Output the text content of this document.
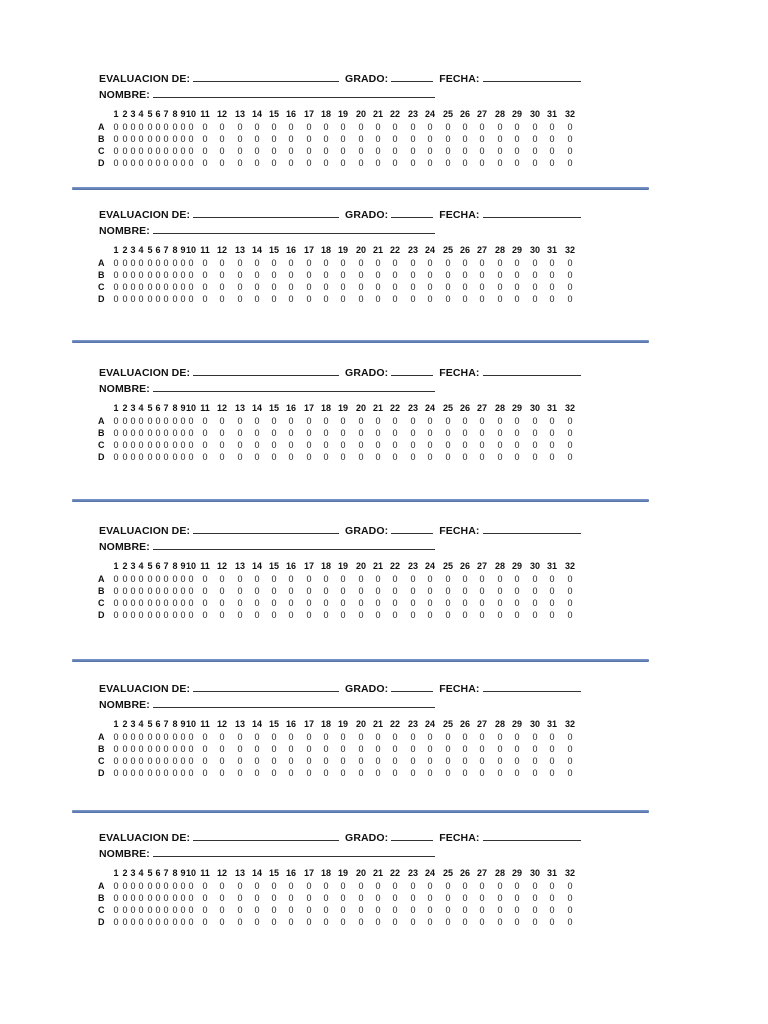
EVALUACION DE:	GRADO:	FECHA:
NOMBRE:
1 2 3 4 5 6 7 8 9 10 11 12 13 14 15 16 17 18 19 20 21 22 23 24 25 26 27 28 29 30 31 32
A 0 0 0 0 0 0 0 0 0 0 0	0	0	0	0	0	0	0	0	0	0	0	0	0	0	0	0	0	0	0	0	0
B 0 0 0 0 0 0 0 0 0 0 0	0	0	0	0	0	0	0	0	0	0	0	0	0	0	0	0	0	0	0	0	0
C 0 0 0 0 0 0 0 0 0 0 0	0	0	0	0	0	0	0	0	0	0	0	0	0	0	0	0	0	0	0	0	0
D 0 0 0 0 0 0 0 0 0 0 0	0	0	0	0	0	0	0	0	0	0	0	0	0	0	0	0	0	0	0	0	0
EVALUACION DE:	GRADO:	FECHA:
NOMBRE:
1 2 3 4 5 6 7 8 9 10 11 12 13 14 15 16 17 18 19 20 21 22 23 24 25 26 27 28 29 30 31 32
A 0 0 0 0 0 0 0 0 0 0 0	0	0	0	0	0	0	0	0	0	0	0	0	0	0	0	0	0	0	0	0	0
B 0 0 0 0 0 0 0 0 0 0 0	0	0	0	0	0	0	0	0	0	0	0	0	0	0	0	0	0	0	0	0	0
C 0 0 0 0 0 0 0 0 0 0 0	0	0	0	0	0	0	0	0	0	0	0	0	0	0	0	0	0	0	0	0	0
D 0 0 0 0 0 0 0 0 0 0 0	0	0	0	0	0	0	0	0	0	0	0	0	0	0	0	0	0	0	0	0	0
EVALUACION DE:	GRADO:	FECHA:
NOMBRE:
1 2 3 4 5 6 7 8 9 10 11 12 13 14 15 16 17 18 19 20 21 22 23 24 25 26 27 28 29 30 31 32
A 0 0 0 0 0 0 0 0 0 0 0	0	0	0	0	0	0	0	0	0	0	0	0	0	0	0	0	0	0	0	0	0
B 0 0 0 0 0 0 0 0 0 0 0	0	0	0	0	0	0	0	0	0	0	0	0	0	0	0	0	0	0	0	0	0
C 0 0 0 0 0 0 0 0 0 0 0	0	0	0	0	0	0	0	0	0	0	0	0	0	0	0	0	0	0	0	0	0
D 0 0 0 0 0 0 0 0 0 0 0	0	0	0	0	0	0	0	0	0	0	0	0	0	0	0	0	0	0	0	0	0
EVALUACION DE:	GRADO:	FECHA:
NOMBRE:
1 2 3 4 5 6 7 8 9 10 11 12 13 14 15 16 17 18 19 20 21 22 23 24 25 26 27 28 29 30 31 32
A 0 0 0 0 0 0 0 0 0 0 0	0	0	0	0	0	0	0	0	0	0	0	0	0	0	0	0	0	0	0	0	0
B 0 0 0 0 0 0 0 0 0 0 0	0	0	0	0	0	0	0	0	0	0	0	0	0	0	0	0	0	0	0	0	0
C 0 0 0 0 0 0 0 0 0 0 0	0	0	0	0	0	0	0	0	0	0	0	0	0	0	0	0	0	0	0	0	0
D 0 0 0 0 0 0 0 0 0 0 0	0	0	0	0	0	0	0	0	0	0	0	0	0	0	0	0	0	0	0	0	0
EVALUACION DE:	GRADO:	FECHA:
NOMBRE:
1 2 3 4 5 6 7 8 9 10 11 12 13 14 15 16 17 18 19 20 21 22 23 24 25 26 27 28 29 30 31 32
A 0 0 0 0 0 0 0 0 0 0 0	0	0	0	0	0	0	0	0	0	0	0	0	0	0	0	0	0	0	0	0	0
B 0 0 0 0 0 0 0 0 0 0 0	0	0	0	0	0	0	0	0	0	0	0	0	0	0	0	0	0	0	0	0	0
C 0 0 0 0 0 0 0 0 0 0 0	0	0	0	0	0	0	0	0	0	0	0	0	0	0	0	0	0	0	0	0	0
D 0 0 0 0 0 0 0 0 0 0 0	0	0	0	0	0	0	0	0	0	0	0	0	0	0	0	0	0	0	0	0	0
EVALUACION DE:	GRADO:	FECHA:
NOMBRE:
1 2 3 4 5 6 7 8 9 10 11 12 13 14 15 16 17 18 19 20 21 22 23 24 25 26 27 28 29 30 31 32
A 0 0 0 0 0 0 0 0 0 0 0	0	0	0	0	0	0	0	0	0	0	0	0	0	0	0	0	0	0	0	0	0
B 0 0 0 0 0 0 0 0 0 0 0	0	0	0	0	0	0	0	0	0	0	0	0	0	0	0	0	0	0	0	0	0
C 0 0 0 0 0 0 0 0 0 0 0	0	0	0	0	0	0	0	0	0	0	0	0	0	0	0	0	0	0	0	0	0
D 0 0 0 0 0 0 0 0 0 0 0	0	0	0	0	0	0	0	0	0	0	0	0	0	0	0	0	0	0	0	0	0
